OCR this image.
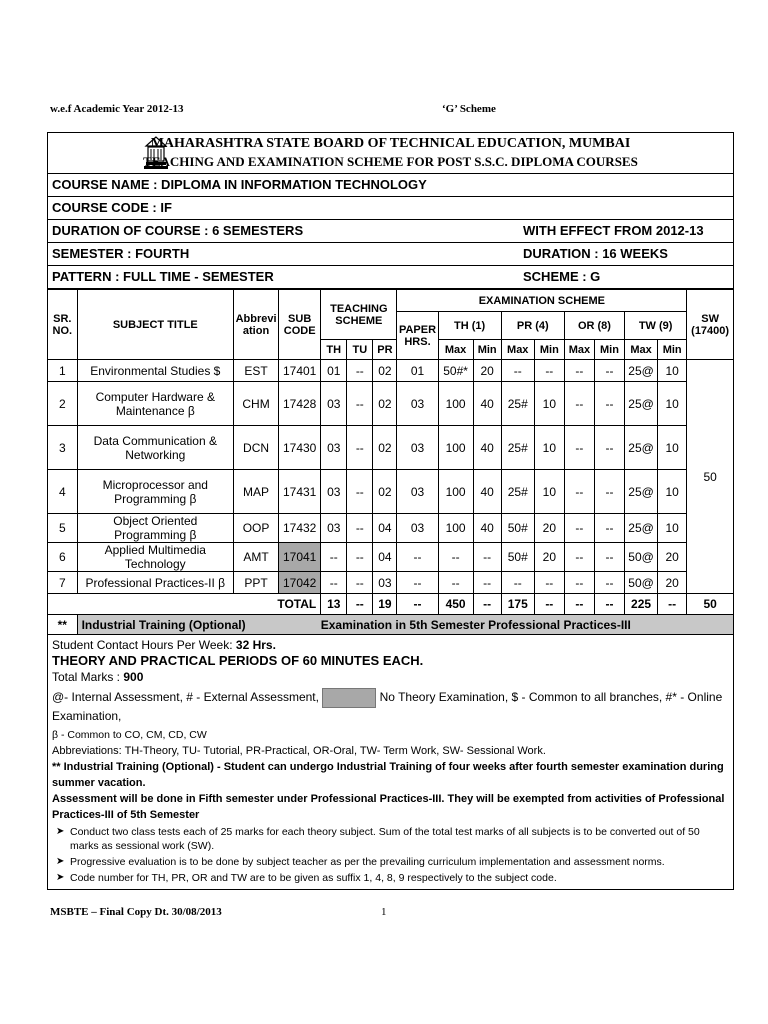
w.e.f Academic Year 2012-13	‘G’ Scheme
MAHARASHTRA STATE BOARD OF TECHNICAL EDUCATION, MUMBAI
TEACHING AND EXAMINATION SCHEME FOR POST S.S.C. DIPLOMA COURSES
COURSE NAME : DIPLOMA IN INFORMATION TECHNOLOGY
COURSE CODE : IF
DURATION OF COURSE : 6 SEMESTERS	WITH EFFECT FROM 2012-13
SEMESTER : FOURTH	DURATION : 16 WEEKS
PATTERN : FULL TIME - SEMESTER	SCHEME : G
SR. NO.	SUBJECT TITLE	Abbrevi ation	SUB CODE	TEACHING SCHEME			EXAMINATION SCHEME									SW (17400)
							PAPER HRS.	TH (1)		PR (4)		OR (8)		TW (9)		
				TH	TU	PR		Max	Min	Max	Min	Max	Min	Max	Min	
1	Environmental Studies $	EST	17401	01	--	02	01	50#*	20	--	--	--	--	25@	10	50
2	Computer Hardware & Maintenance β	CHM	17428	03	--	02	03	100	40	25#	10	--	--	25@	10	
3	Data Communication & Networking	DCN	17430	03	--	02	03	100	40	25#	10	--	--	25@	10	
4	Microprocessor and Programming β	MAP	17431	03	--	02	03	100	40	25#	10	--	--	25@	10	
5	Object Oriented Programming β	OOP	17432	03	--	04	03	100	40	50#	20	--	--	25@	10	
6	Applied Multimedia Technology	AMT	17041	--	--	04	--	--	--	50#	20	--	--	50@	20	
7	Professional Practices-II β	PPT	17042	--	--	03	--	--	--	--	--	--	--	50@	20	
TOTAL				13	--	19	--	450	--	175	--	--	--	225	--	50
**	Industrial Training (Optional)			Examination in 5th Semester Professional Practices-III												
Student Contact Hours Per Week: 32 Hrs.
THEORY AND PRACTICAL PERIODS OF 60 MINUTES EACH.
Total Marks : 900
@- Internal Assessment, # - External Assessment,	No Theory Examination, $ - Common to all branches, #* - Online Examination,
β - Common to CO, CM, CD, CW
Abbreviations: TH-Theory, TU- Tutorial, PR-Practical, OR-Oral, TW- Term Work, SW- Sessional Work.
** Industrial Training (Optional) - Student can undergo Industrial Training of four weeks after fourth semester examination during summer vacation.
Assessment will be done in Fifth semester under Professional Practices-III. They will be exempted from activities of Professional Practices-III of 5th Semester
➤ Conduct two class tests each of 25 marks for each theory subject. Sum of the total test marks of all subjects is to be converted out of 50 marks as sessional work (SW).
➤ Progressive evaluation is to be done by subject teacher as per the prevailing curriculum implementation and assessment norms.
➤ Code number for TH, PR, OR and TW are to be given as suffix 1, 4, 8, 9 respectively to the subject code.
MSBTE – Final Copy Dt. 30/08/2013	1
